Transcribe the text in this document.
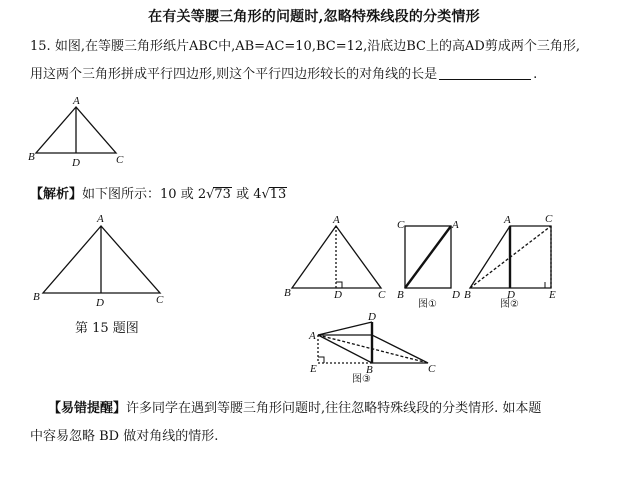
在有关等腰三角形的问题时,忽略特殊线段的分类情形
15. 如图,在等腰三角形纸片ABC中,AB=AC=10,BC=12,沿底边BC上的高AD剪成两个三角形,
用这两个三角形拼成平行四边形,则这个平行四边形较长的对角线的长是	.
【解析】如下图所示：10 或 2√73 或 4√13
第 15 题图
【易错提醒】许多同学在遇到等腰三角形问题时,往往忽略特殊线段的分类情形. 如本题
中容易忽略 BD 做对角线的情形.
A
B	D	C
A
B	D	C
A
B	D	C
C	A
B	D
图①
A	C
B	D	E
图②
D
A
E	B	C
图③
